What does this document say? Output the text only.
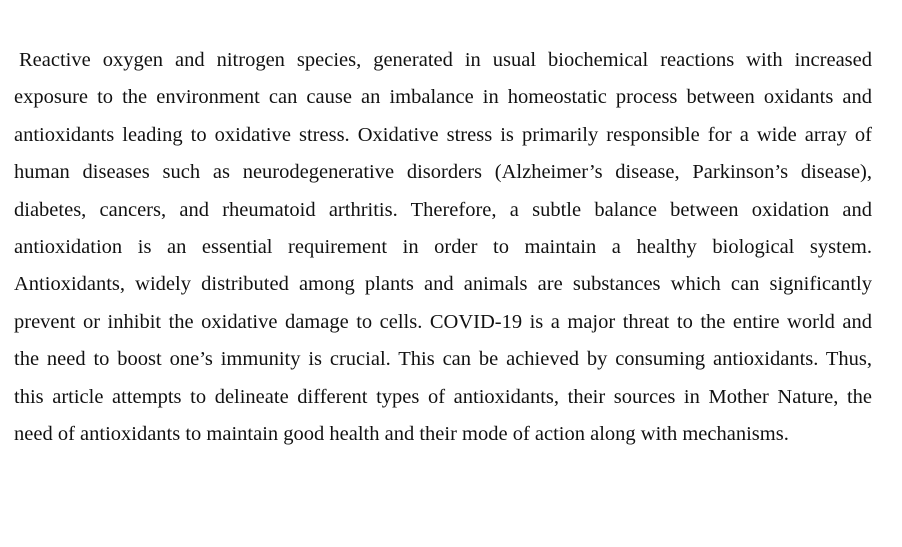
Reactive oxygen and nitrogen species, generated in usual biochemical reactions with increased
exposure to the environment can cause an imbalance in homeostatic process between oxidants and
antioxidants leading to oxidative stress. Oxidative stress is primarily responsible for a wide array of
human diseases such as neurodegenerative disorders (Alzheimer’s disease, Parkinson’s disease),
diabetes, cancers, and rheumatoid arthritis. Therefore, a subtle balance between oxidation and
antioxidation is an essential requirement in order to maintain a healthy biological system.
Antioxidants, widely distributed among plants and animals are substances which can significantly
prevent or inhibit the oxidative damage to cells. COVID-19 is a major threat to the entire world and
the need to boost one’s immunity is crucial. This can be achieved by consuming antioxidants. Thus,
this article attempts to delineate different types of antioxidants, their sources in Mother Nature, the
need of antioxidants to maintain good health and their mode of action along with mechanisms.
